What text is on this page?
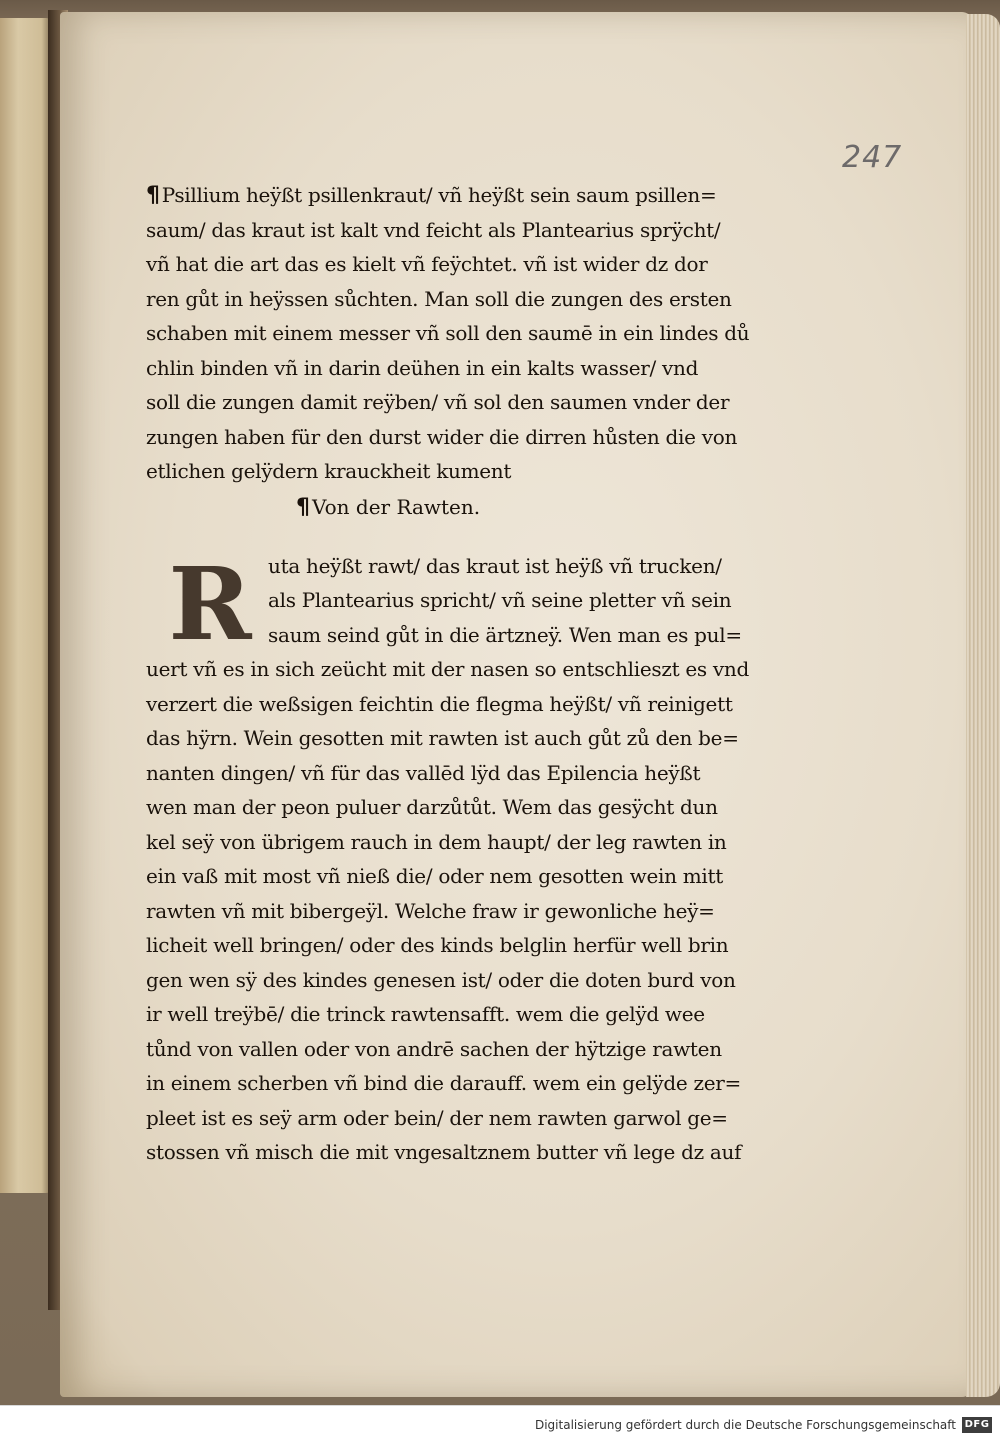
247
¶ Psillium heÿßt psillenkraut/ vñ heÿßt sein saum psillen=
saum/ das kraut ist kalt vnd feicht als Plantearius sprÿcht/
vñ hat die art das es kielt vñ feÿchtet. vñ ist wider dz dor
ren gůt in heÿssen sůchten. Man soll die zungen des ersten
schaben mit einem messer vñ soll den saumē in ein lindes dů
chlin binden vñ in darin deühen in ein kalts wasser/ vnd
soll die zungen damit reÿben/ vñ sol den saumen vnder der
zungen haben für den durst wider die dirren hůsten die von
etlichen gelÿdern krauckheit kument
¶ Von der Rawten.
R uta heÿßt rawt/ das kraut ist heÿß vñ trucken/
als Plantearius spricht/ vñ seine pletter vñ sein
saum seind gůt in die ärtzneÿ. Wen man es pul=
uert vñ es in sich zeücht mit der nasen so entschlieszt es vnd
verzert die weßsigen feichtin die flegma heÿßt/ vñ reinigett
das hÿrn. Wein gesotten mit rawten ist auch gůt zů den be=
nanten dingen/ vñ für das vallēd lÿd das Epilencia heÿßt
wen man der peon puluer darzůtůt. Wem das gesÿcht dun
kel seÿ von übrigem rauch in dem haupt/ der leg rawten in
ein vaß mit most vñ nieß die/ oder nem gesotten wein mitt
rawten vñ mit bibergeÿl. Welche fraw ir gewonliche heÿ=
licheit well bringen/ oder des kinds belglin herfür well brin
gen wen sÿ des kindes genesen ist/ oder die doten burd von
ir well treÿbē/ die trinck rawtensafft. wem die gelÿd wee
tůnd von vallen oder von andrē sachen der hÿtzige rawten
in einem scherben vñ bind die darauff. wem ein gelÿde zer=
pleet ist es seÿ arm oder bein/ der nem rawten garwol ge=
stossen vñ misch die mit vngesaltznem butter vñ lege dz auf
Digitalisierung gefördert durch die Deutsche Forschungsgemeinschaft DFG
